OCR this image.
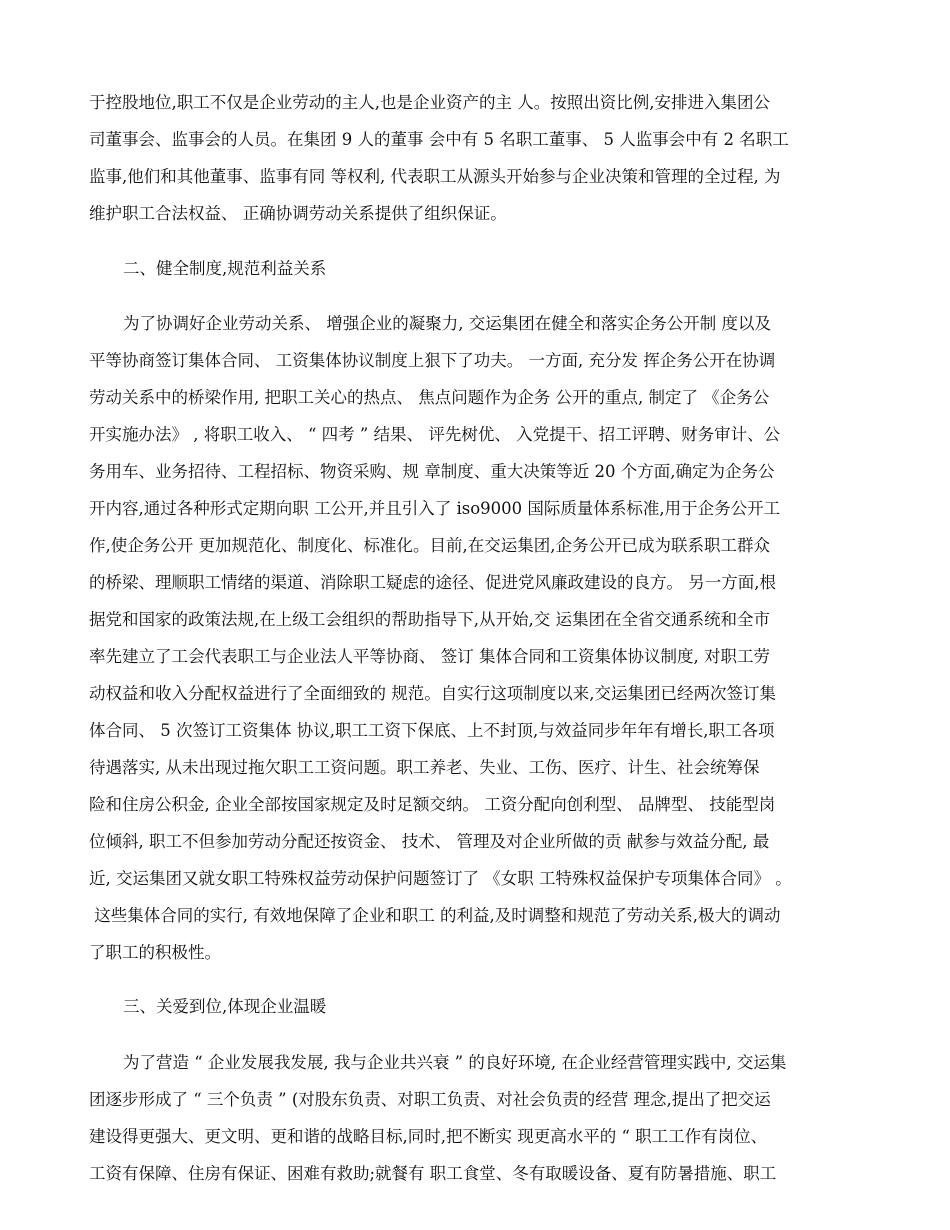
于控股地位,职工不仅是企业劳动的主人,也是企业资产的主 人。按照出资比例,安排进入集团公
司董事会、监事会的人员。在集团 9 人的董事 会中有 5 名职工董事、 5 人监事会中有 2 名职工
监事,他们和其他董事、监事有同 等权利, 代表职工从源头开始参与企业决策和管理的全过程, 为
维护职工合法权益、 正确协调劳动关系提供了组织保证。
二、健全制度,规范利益关系
为了协调好企业劳动关系、 增强企业的凝聚力, 交运集团在健全和落实企务公开制 度以及
平等协商签订集体合同、 工资集体协议制度上狠下了功夫。 一方面, 充分发 挥企务公开在协调
劳动关系中的桥梁作用, 把职工关心的热点、 焦点问题作为企务 公开的重点, 制定了 《企务公
开实施办法》 , 将职工收入、 “ 四考 ” 结果、 评先树优、 入党提干、招工评聘、财务审计、公
务用车、业务招待、工程招标、物资采购、规 章制度、重大决策等近 20 个方面,确定为企务公
开内容,通过各种形式定期向职 工公开,并且引入了 iso9000 国际质量体系标准,用于企务公开工
作,使企务公开 更加规范化、制度化、标准化。目前,在交运集团,企务公开已成为联系职工群众
的桥梁、理顺职工情绪的渠道、消除职工疑虑的途径、促进党风廉政建设的良方。 另一方面,根
据党和国家的政策法规,在上级工会组织的帮助指导下,从开始,交 运集团在全省交通系统和全市
率先建立了工会代表职工与企业法人平等协商、 签订 集体合同和工资集体协议制度, 对职工劳
动权益和收入分配权益进行了全面细致的 规范。自实行这项制度以来,交运集团已经两次签订集
体合同、 5 次签订工资集体 协议,职工工资下保底、上不封顶,与效益同步年年有增长,职工各项
待遇落实, 从未出现过拖欠职工工资问题。职工养老、失业、工伤、医疗、计生、社会统筹保
险和住房公积金, 企业全部按国家规定及时足额交纳。 工资分配向创利型、 品牌型、 技能型岗
位倾斜, 职工不但参加劳动分配还按资金、 技术、 管理及对企业所做的贡 献参与效益分配, 最
近, 交运集团又就女职工特殊权益劳动保护问题签订了 《女职 工特殊权益保护专项集体合同》 。
这些集体合同的实行, 有效地保障了企业和职工 的利益,及时调整和规范了劳动关系,极大的调动
了职工的积极性。
三、关爱到位,体现企业温暖
为了营造 “ 企业发展我发展, 我与企业共兴衰 ” 的良好环境, 在企业经营管理实践中, 交运集
团逐步形成了 “ 三个负责 ” (对股东负责、对职工负责、对社会负责的经营 理念,提出了把交运
建设得更强大、更文明、更和谐的战略目标,同时,把不断实 现更高水平的 “ 职工工作有岗位、
工资有保障、住房有保证、困难有救助;就餐有 职工食堂、冬有取暖设备、夏有防暑措施、职工
